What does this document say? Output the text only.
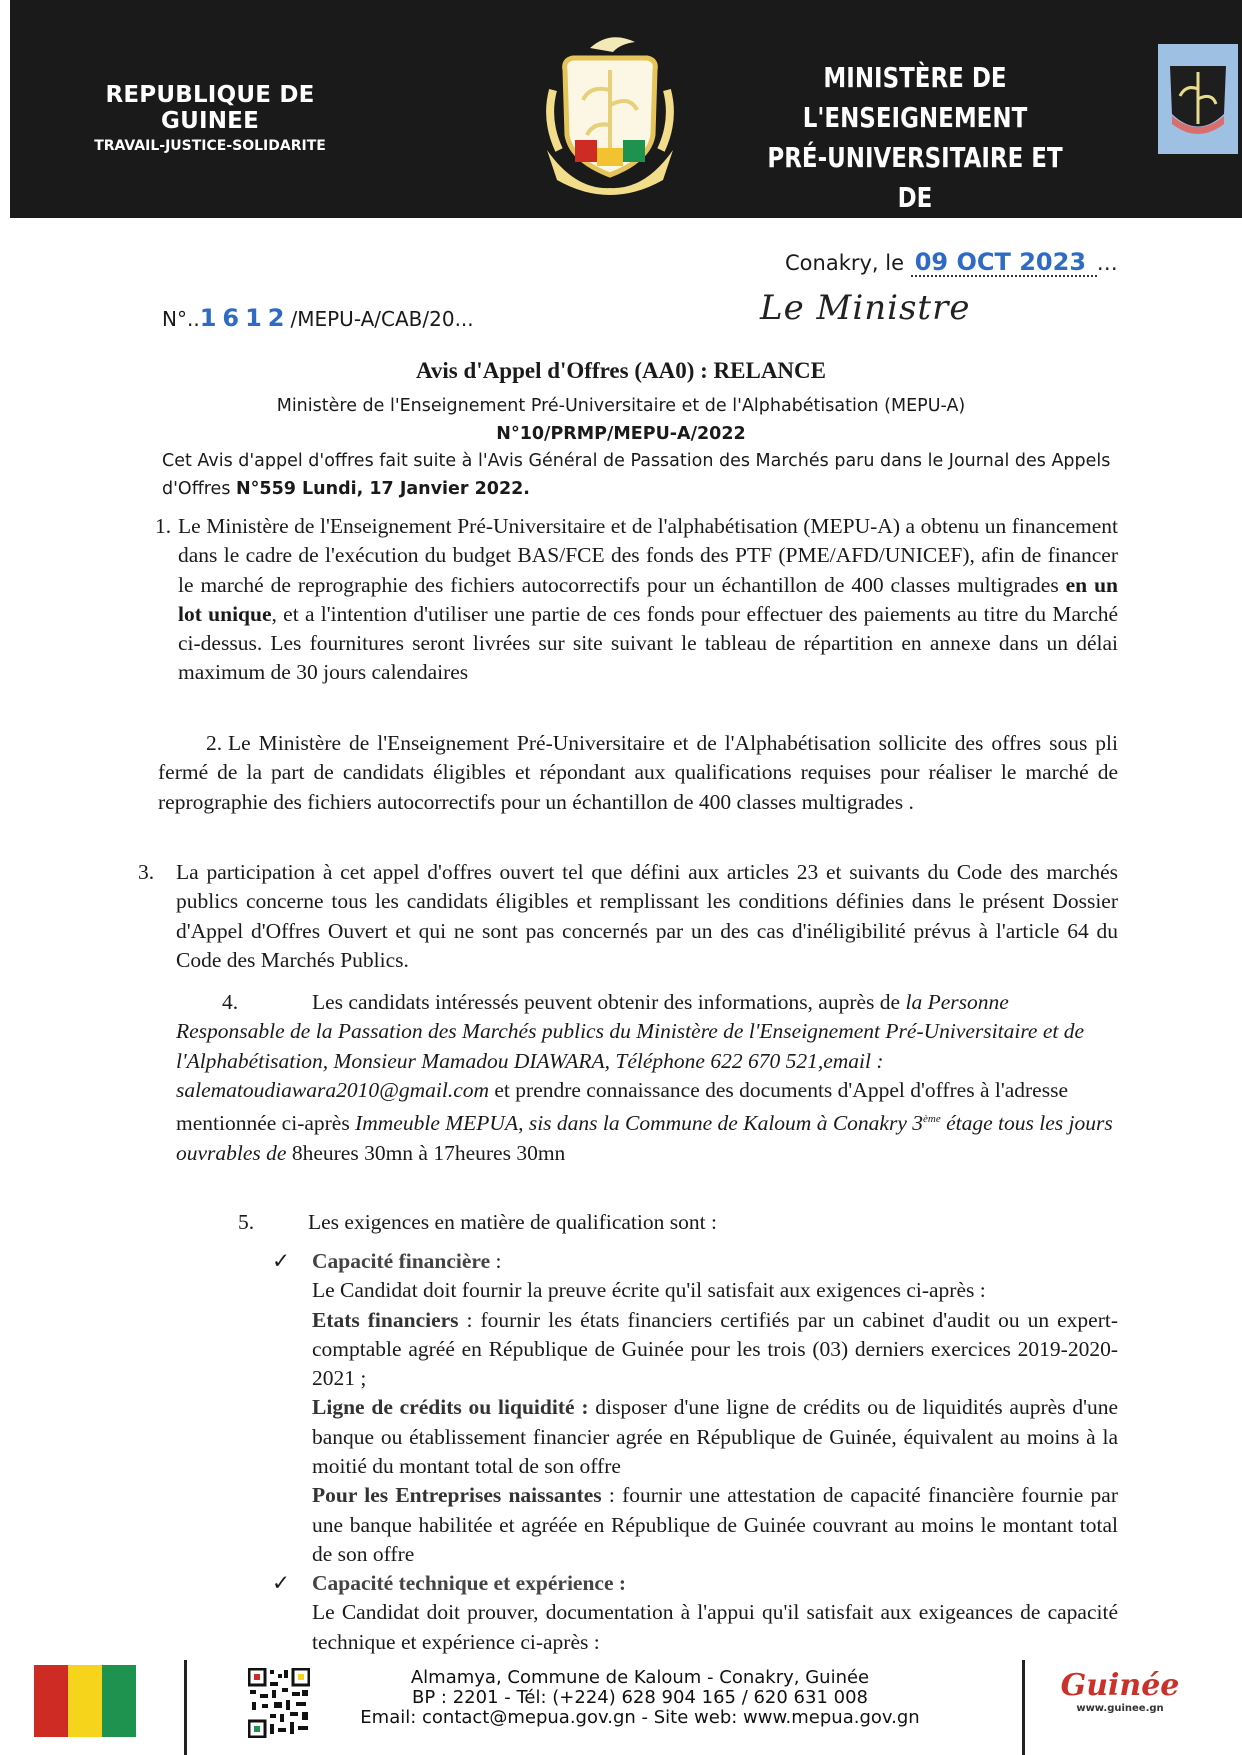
REPUBLIQUE DE GUINEE
TRAVAIL-JUSTICE-SOLIDARITE
MINISTÈRE DE L'ENSEIGNEMENT
PRÉ-UNIVERSITAIRE ET DE
L'ALPHABÉTISATION
Conakry, le 09 OCT 2023 …
N°..1612/MEPU-A/CAB/20...	Le Ministre
Avis d'Appel d'Offres (AA0) : RELANCE
Ministère de l'Enseignement Pré-Universitaire et de l'Alphabétisation (MEPU-A)
N°10/PRMP/MEPU-A/2022
Cet Avis d'appel d'offres fait suite à l'Avis Général de Passation des Marchés paru dans le Journal des Appels d'Offres N°559 Lundi, 17 Janvier 2022.
1. Le Ministère de l'Enseignement Pré-Universitaire et de l'alphabétisation (MEPU-A) a obtenu un financement dans le cadre de l'exécution du budget BAS/FCE des fonds des PTF (PME/AFD/UNICEF), afin de financer le marché de reprographie des fichiers autocorrectifs pour un échantillon de 400 classes multigrades en un lot unique, et a l'intention d'utiliser une partie de ces fonds pour effectuer des paiements au titre du Marché ci-dessus. Les fournitures seront livrées sur site suivant le tableau de répartition en annexe dans un délai maximum de 30 jours calendaires
2. Le Ministère de l'Enseignement Pré-Universitaire et de l'Alphabétisation sollicite des offres sous pli fermé de la part de candidats éligibles et répondant aux qualifications requises pour réaliser le marché de reprographie des fichiers autocorrectifs pour un échantillon de 400 classes multigrades .
3. La participation à cet appel d'offres ouvert tel que défini aux articles 23 et suivants du Code des marchés publics concerne tous les candidats éligibles et remplissant les conditions définies dans le présent Dossier d'Appel d'Offres Ouvert et qui ne sont pas concernés par un des cas d'inéligibilité prévus à l'article 64 du Code des Marchés Publics.
4.	Les candidats intéressés peuvent obtenir des informations, auprès de la Personne Responsable de la Passation des Marchés publics du Ministère de l'Enseignement Pré-Universitaire et de l'Alphabétisation, Monsieur Mamadou DIAWARA, Téléphone 622 670 521,email : salematoudiawara2010@gmail.com et prendre connaissance des documents d'Appel d'offres à l'adresse mentionnée ci-après Immeuble MEPUA, sis dans la Commune de Kaloum à Conakry 3ème étage tous les jours ouvrables de 8heures 30mn à 17heures 30mn
5.	Les exigences en matière de qualification sont :
✓ Capacité financière :
Le Candidat doit fournir la preuve écrite qu'il satisfait aux exigences ci-après :
Etats financiers : fournir les états financiers certifiés par un cabinet d'audit ou un expert-comptable agréé en République de Guinée pour les trois (03) derniers exercices 2019-2020- 2021 ;
Ligne de crédits ou liquidité : disposer d'une ligne de crédits ou de liquidités auprès d'une banque ou établissement financier agrée en République de Guinée, équivalent au moins à la moitié du montant total de son offre
Pour les Entreprises naissantes : fournir une attestation de capacité financière fournie par une banque habilitée et agréée en République de Guinée couvrant au moins le montant total de son offre
✓ Capacité technique et expérience :
Le Candidat doit prouver, documentation à l'appui qu'il satisfait aux exigeances de capacité technique et expérience ci-après :
Almamya, Commune de Kaloum - Conakry, Guinée
BP : 2201 - Tél: (+224) 628 904 165 / 620 631 008
Email: contact@mepua.gov.gn - Site web: www.mepua.gov.gn
Guinée
www.guinee.gn
